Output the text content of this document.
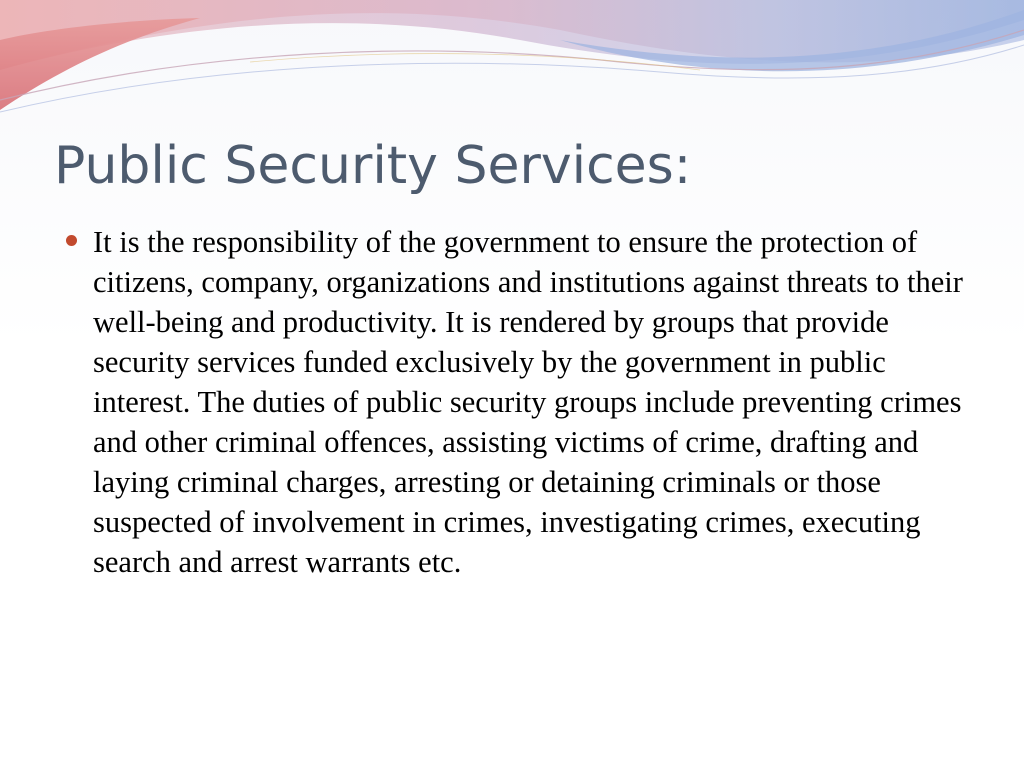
Public Security Services:
It is the responsibility of the government to ensure the protection of citizens, company, organizations and institutions against threats to their well-being and productivity. It is rendered by groups that provide security services funded exclusively by the government in public interest. The duties of public security groups include preventing crimes and other criminal offences, assisting victims of crime, drafting and laying criminal charges, arresting or detaining criminals or those suspected of involvement in crimes, investigating crimes, executing search and arrest warrants etc.
